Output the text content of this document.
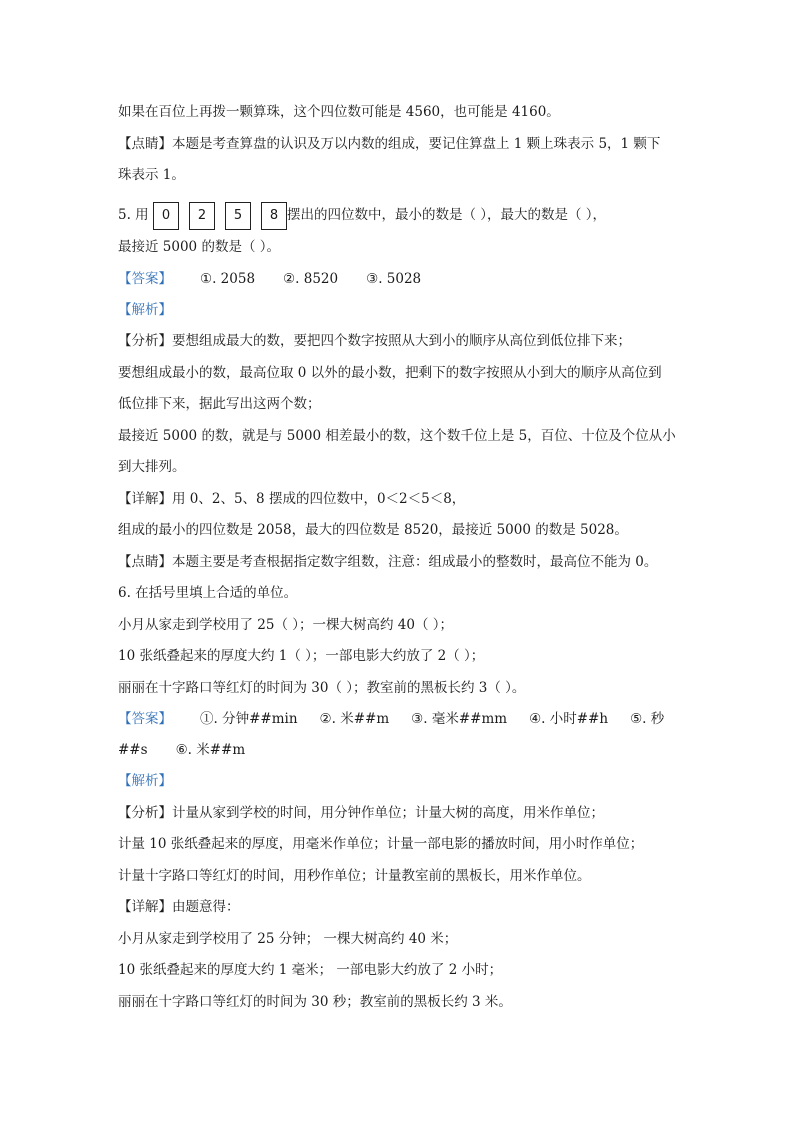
如果在百位上再拨一颗算珠，这个四位数可能是 4560，也可能是 4160。
【点睛】本题是考查算盘的认识及万以内数的组成，要记住算盘上 1 颗上珠表示 5，1 颗下
珠表示 1。
5. 用 0 2 5 8 摆出的四位数中，最小的数是（ ），最大的数是（ ），
最接近 5000 的数是（ ）。
【答案】 ①. 2058 ②. 8520 ③. 5028
【解析】
【分析】要想组成最大的数，要把四个数字按照从大到小的顺序从高位到低位排下来；
要想组成最小的数，最高位取 0 以外的最小数，把剩下的数字按照从小到大的顺序从高位到
低位排下来，据此写出这两个数；
最接近 5000 的数，就是与 5000 相差最小的数，这个数千位上是 5，百位、十位及个位从小
到大排列。
【详解】用 0、2、5、8 摆成的四位数中，0＜2＜5＜8，
组成的最小的四位数是 2058，最大的四位数是 8520，最接近 5000 的数是 5028。
【点睛】本题主要是考查根据指定数字组数，注意：组成最小的整数时，最高位不能为 0。
6. 在括号里填上合适的单位。
小月从家走到学校用了 25（ ）；一棵大树高约 40（ ）；
10 张纸叠起来的厚度大约 1（ ）；一部电影大约放了 2（ ）；
丽丽在十字路口等红灯的时间为 30（ ）；教室前的黑板长约 3（ ）。
【答案】 ①. 分钟##min ②. 米##m ③. 毫米##mm ④. 小时##h ⑤. 秒
##s ⑥. 米##m
【解析】
【分析】计量从家到学校的时间，用分钟作单位；计量大树的高度，用米作单位；
计量 10 张纸叠起来的厚度，用毫米作单位；计量一部电影的播放时间，用小时作单位；
计量十字路口等红灯的时间，用秒作单位；计量教室前的黑板长，用米作单位。
【详解】由题意得：
小月从家走到学校用了 25 分钟； 一棵大树高约 40 米；
10 张纸叠起来的厚度大约 1 毫米； 一部电影大约放了 2 小时；
丽丽在十字路口等红灯的时间为 30 秒；教室前的黑板长约 3 米。
